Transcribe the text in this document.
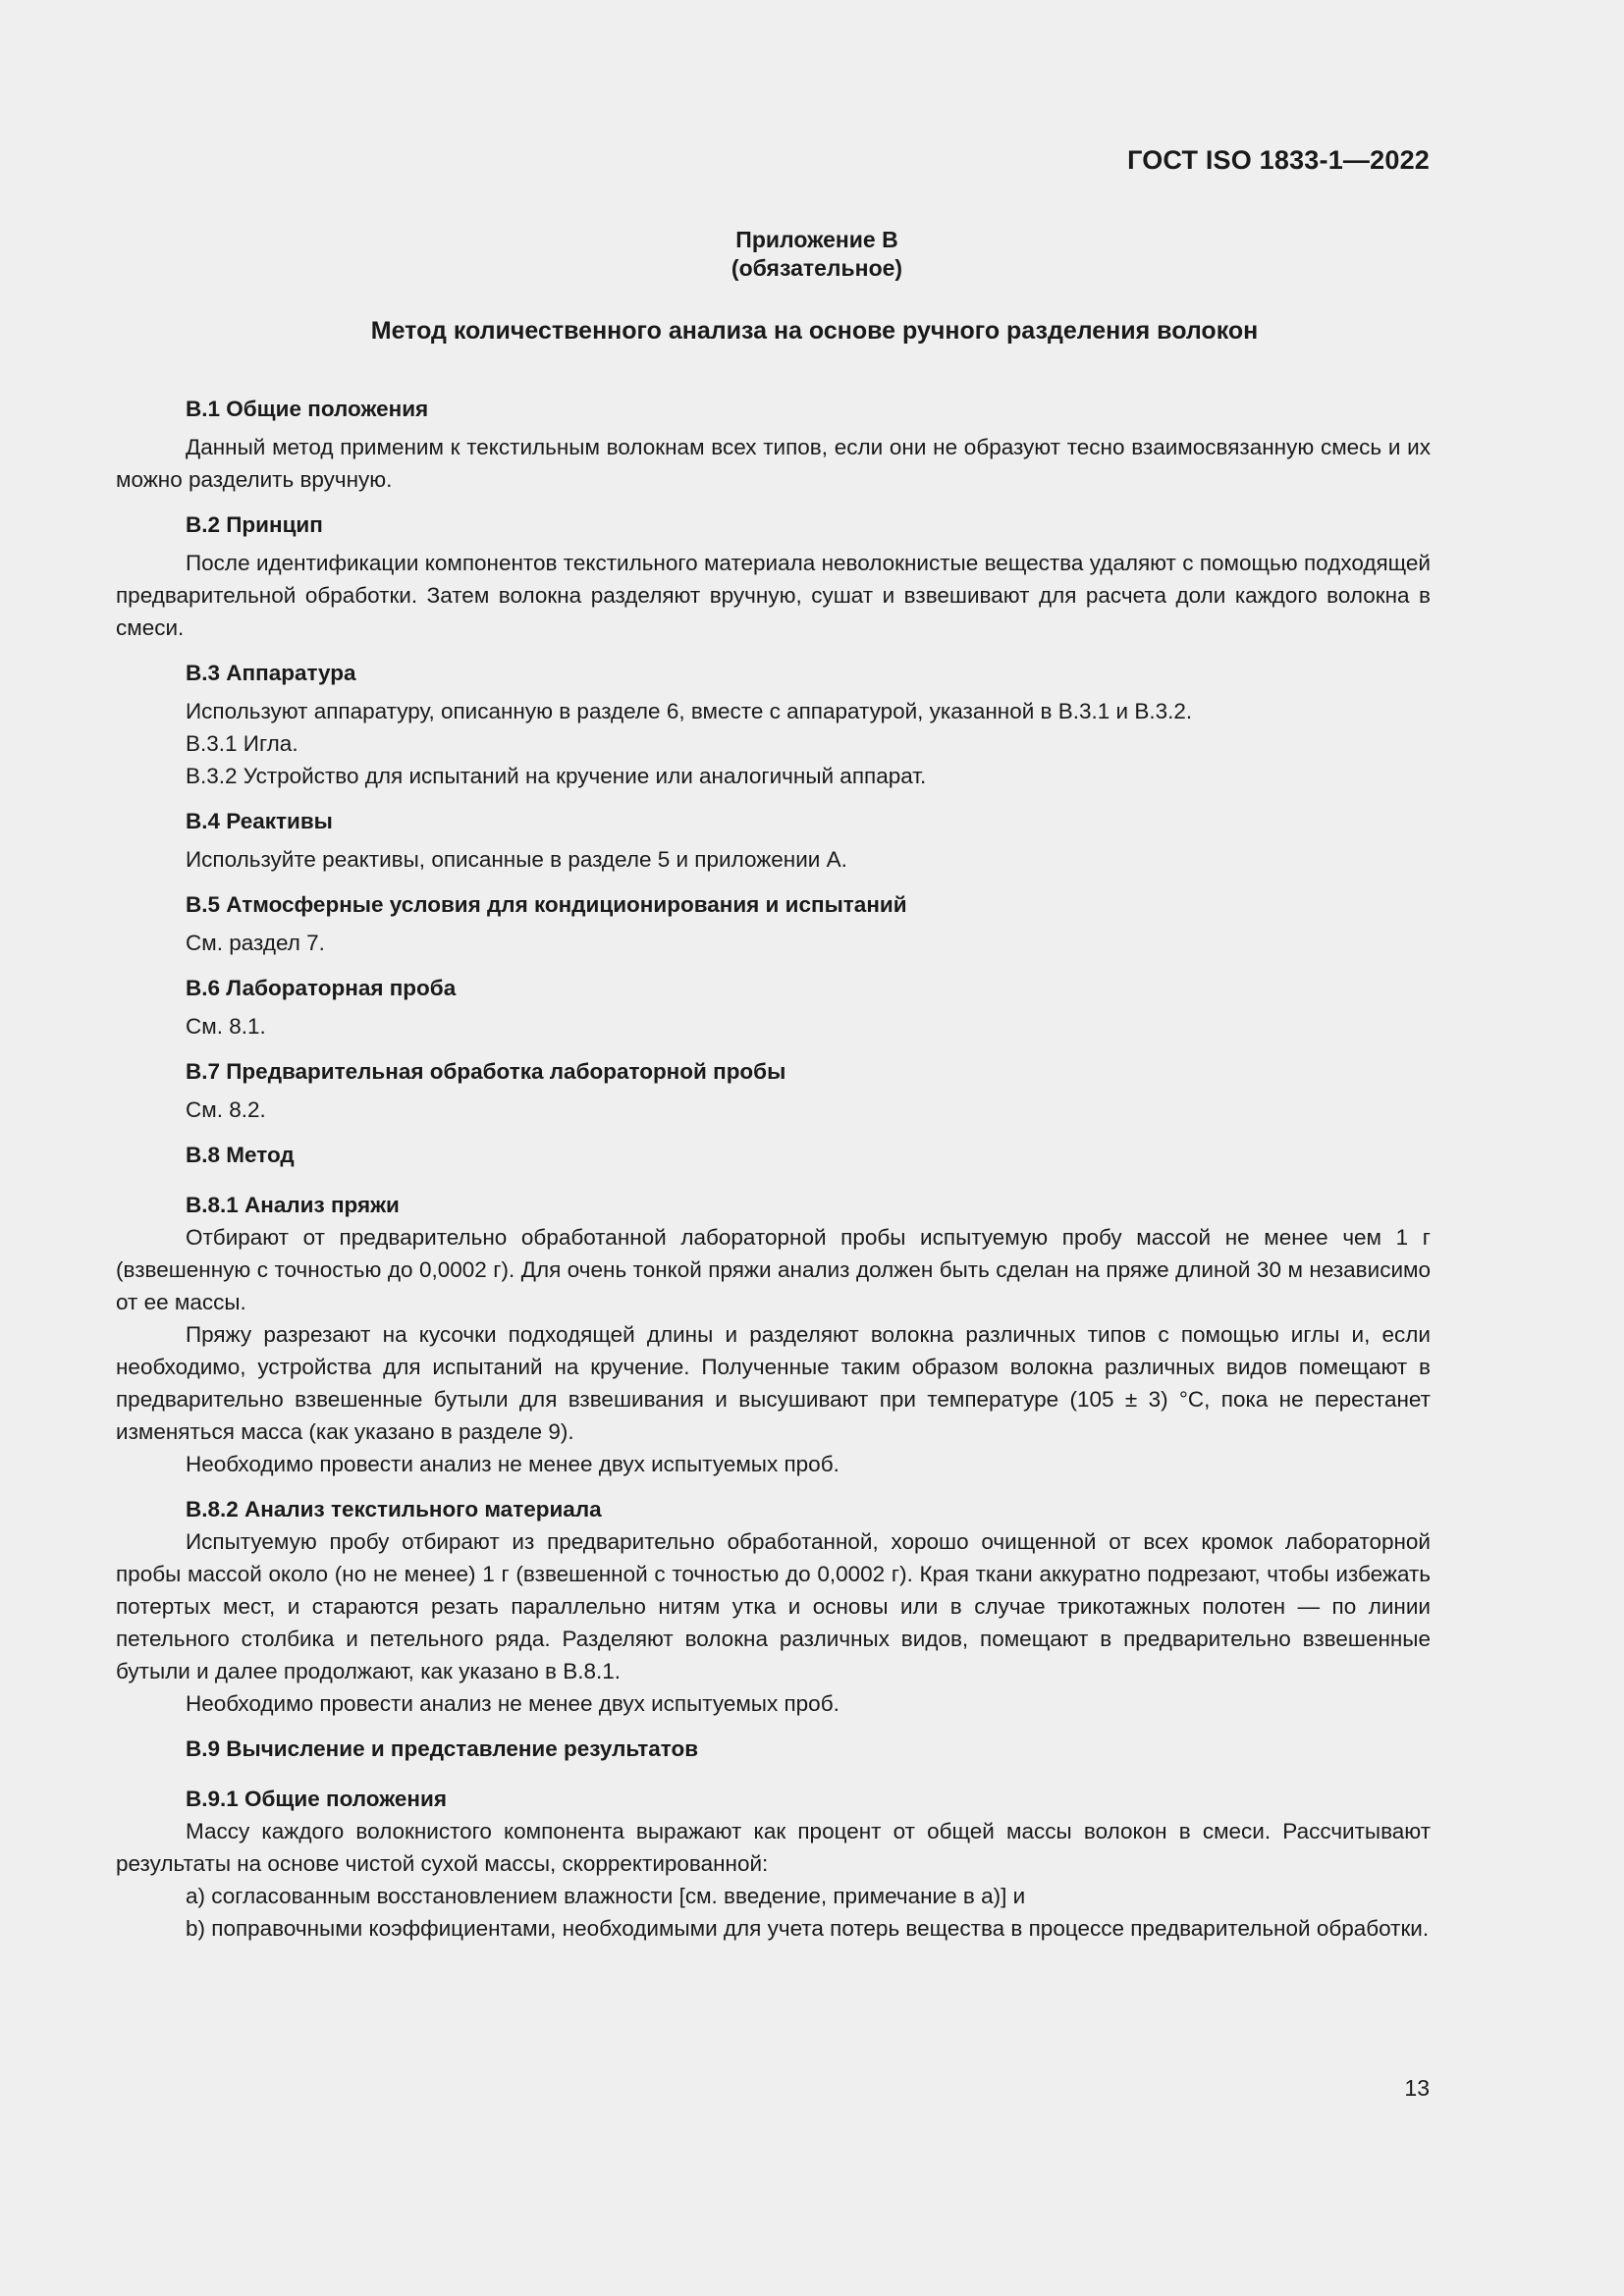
ГОСТ ISO 1833-1—2022
Приложение В
(обязательное)
Метод количественного анализа на основе ручного разделения волокон

В.1 Общие положения

Данный метод применим к текстильным волокнам всех типов, если они не образуют тесно взаимосвязанную смесь и их можно разделить вручную.

В.2 Принцип

После идентификации компонентов текстильного материала неволокнистые вещества удаляют с помощью подходящей предварительной обработки. Затем волокна разделяют вручную, сушат и взвешивают для расчета доли каждого волокна в смеси.

В.3 Аппаратура

Используют аппаратуру, описанную в разделе 6, вместе с аппаратурой, указанной в В.3.1 и В.3.2.

В.3.1 Игла.

В.3.2 Устройство для испытаний на кручение или аналогичный аппарат.

В.4 Реактивы

Используйте реактивы, описанные в разделе 5 и приложении А.

В.5 Атмосферные условия для кондиционирования и испытаний

См. раздел 7.

В.6 Лабораторная проба

См. 8.1.

В.7 Предварительная обработка лабораторной пробы

См. 8.2.

В.8 Метод

В.8.1 Анализ пряжи

Отбирают от предварительно обработанной лабораторной пробы испытуемую пробу массой не менее чем 1 г (взвешенную с точностью до 0,0002 г). Для очень тонкой пряжи анализ должен быть сделан на пряже длиной 30 м независимо от ее массы.

Пряжу разрезают на кусочки подходящей длины и разделяют волокна различных типов с помощью иглы и, если необходимо, устройства для испытаний на кручение. Полученные таким образом волокна различных видов помещают в предварительно взвешенные бутыли для взвешивания и высушивают при температуре (105 ± 3) °С, пока не перестанет изменяться масса (как указано в разделе 9).

Необходимо провести анализ не менее двух испытуемых проб.

В.8.2 Анализ текстильного материала

Испытуемую пробу отбирают из предварительно обработанной, хорошо очищенной от всех кромок лабораторной пробы массой около (но не менее) 1 г (взвешенной с точностью до 0,0002 г). Края ткани аккуратно подрезают, чтобы избежать потертых мест, и стараются резать параллельно нитям утка и основы или в случае трикотажных полотен — по линии петельного столбика и петельного ряда. Разделяют волокна различных видов, помещают в предварительно взвешенные бутыли и далее продолжают, как указано в В.8.1.

Необходимо провести анализ не менее двух испытуемых проб.

В.9 Вычисление и представление результатов

В.9.1 Общие положения

Массу каждого волокнистого компонента выражают как процент от общей массы волокон в смеси. Рассчитывают результаты на основе чистой сухой массы, скорректированной:

a) согласованным восстановлением влажности [см. введение, примечание в а)] и

b) поправочными коэффициентами, необходимыми для учета потерь вещества в процессе предварительной обработки.

13
